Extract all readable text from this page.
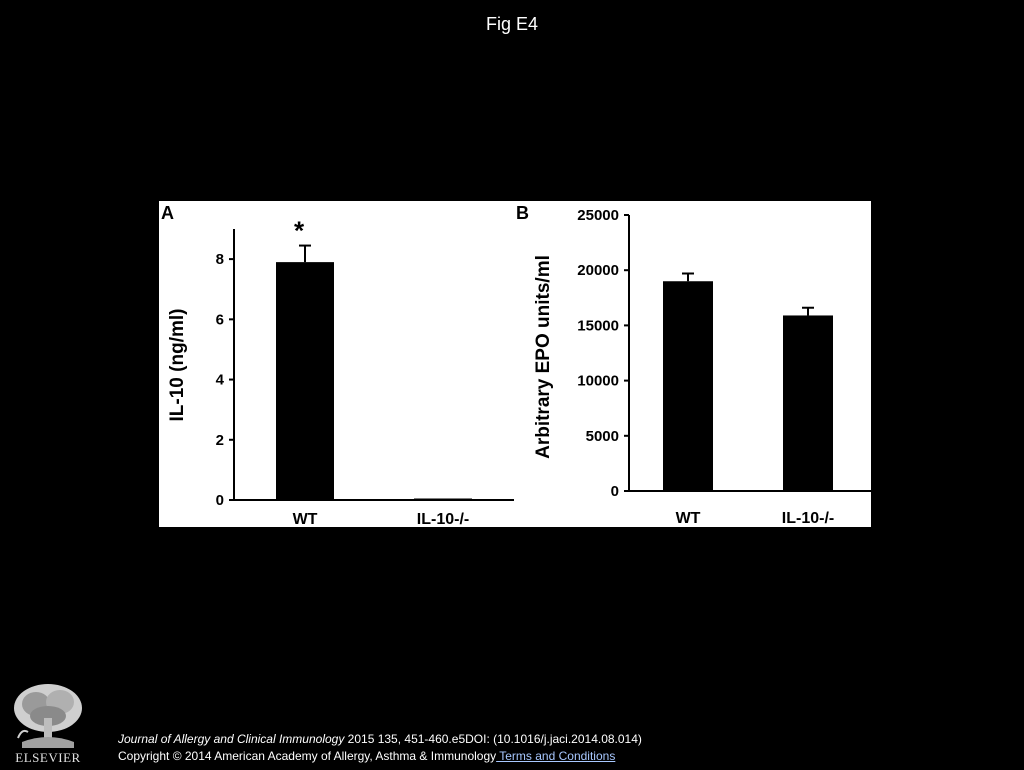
Fig E4
0
2
4
6
8
*
WT	IL-10-/-
IL-10 (ng/ml)
A
0
5000
10000
15000
20000
25000
WT	IL-10-/-
Arbitrary EPO units/ml
B
ELSEVIER
Journal of Allergy and Clinical Immunology 2015 135, 451-460.e5DOI: (10.1016/j.jaci.2014.08.014)
Copyright © 2014 American Academy of Allergy, Asthma & Immunology Terms and Conditions
